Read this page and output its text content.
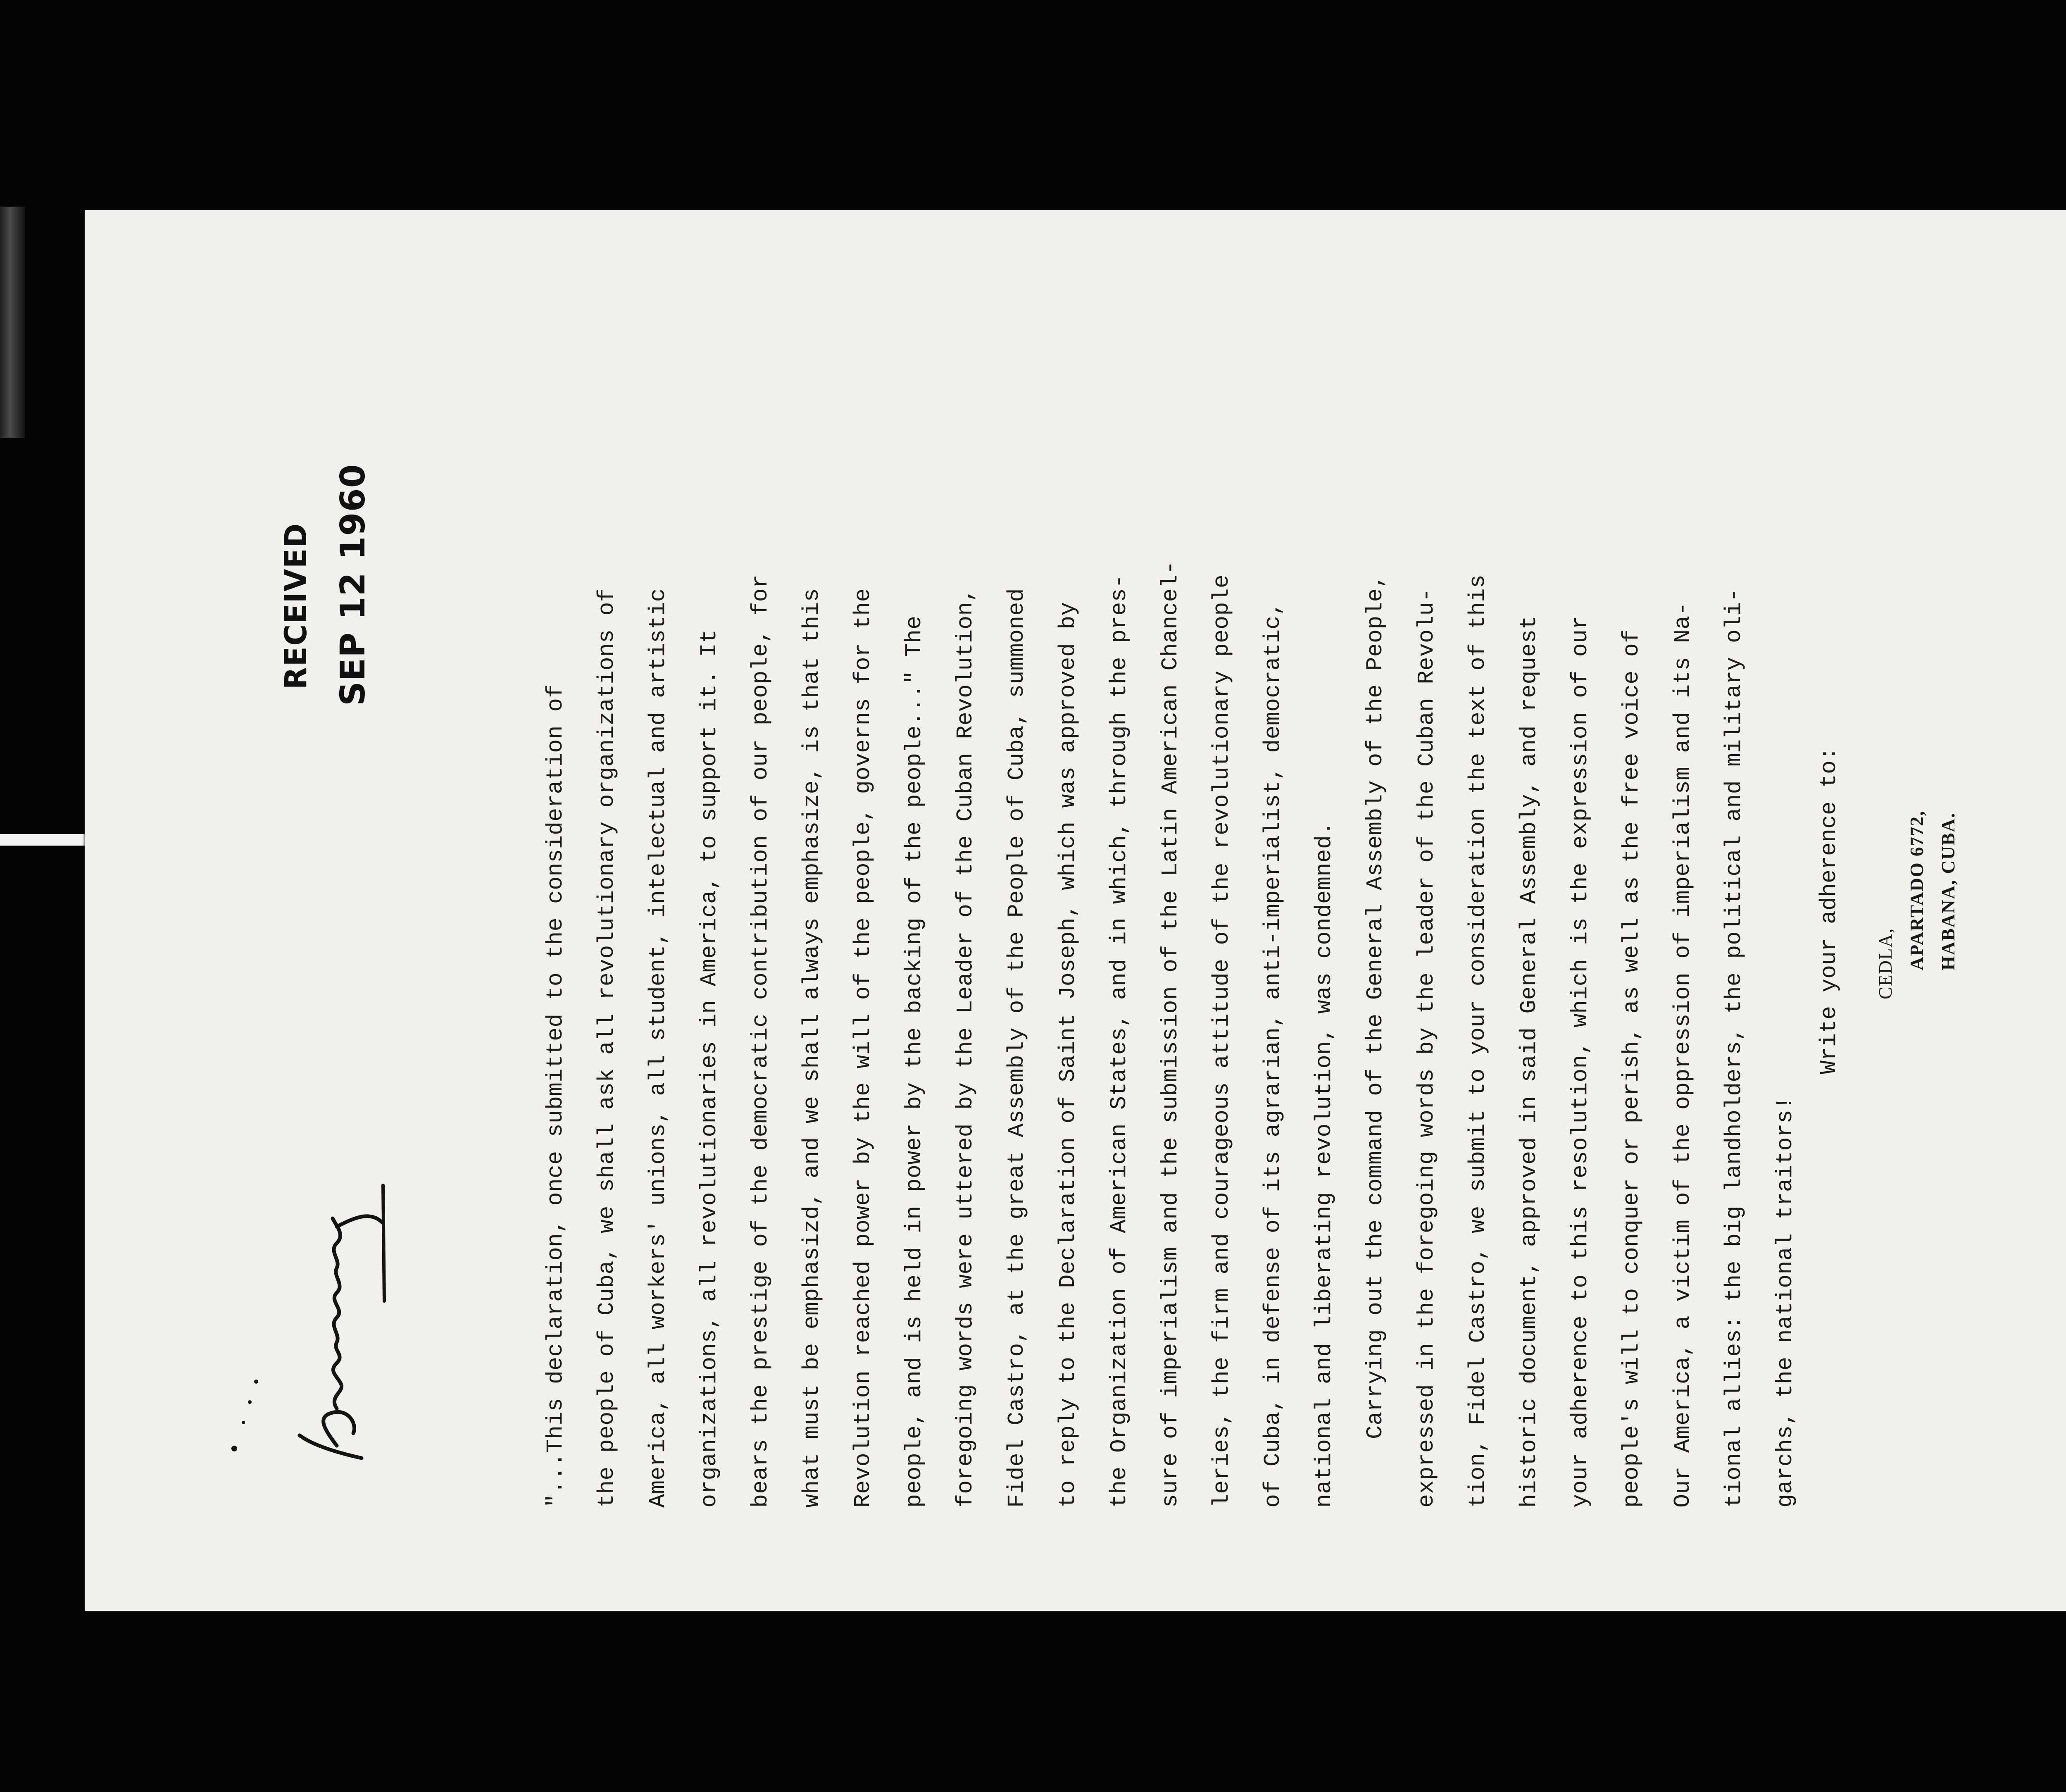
RECEIVED SEP 12 1960

"...This declaration, once submitted to the consideration of	the people of Cuba, we shall ask all revolutionary organizations of	America, all workers' unions, all student, intelectual and artistic	organizations, all revolutionaries in America, to support it. It	bears the prestige of the democratic contribution of our people, for	what must be emphasizd, and we shall always emphasize, is that this	Revolution reached power by the will of the people, governs for the	people, and is held in power by the backing of the people..." The	foregoing words were uttered by the Leader of the Cuban Revolution,	Fidel Castro, at the great Assembly of the People of Cuba, summoned	to reply to the Declaration of Saint Joseph, which was approved by	the Organization of American States, and in which, through the pres-	sure of imperialism and the submission of the Latin American Chancel-	leries, the firm and courageous attitude of the revolutionary people	of Cuba, in defense of its agrarian, anti-imperialist, democratic,	national and liberating revolution, was condemned.	Carrying out the command of the General Assembly of the People,	expressed in the foregoing words by the leader of the Cuban Revolu-	tion, Fidel Castro, we submit to your consideration the text of this	historic document, approved in said General Assembly, and request	your adherence to this resolution, which is the expression of our	people's will to conquer or perish, as well as the free voice of	Our America, a victim of the oppression of imperialism and its Na-	tional allies: the big landholders, the political and military oli-	garchs, the national traitors!

Write your adherence to: CEDLA, APARTADO 6772, HABANA, CUBA.
